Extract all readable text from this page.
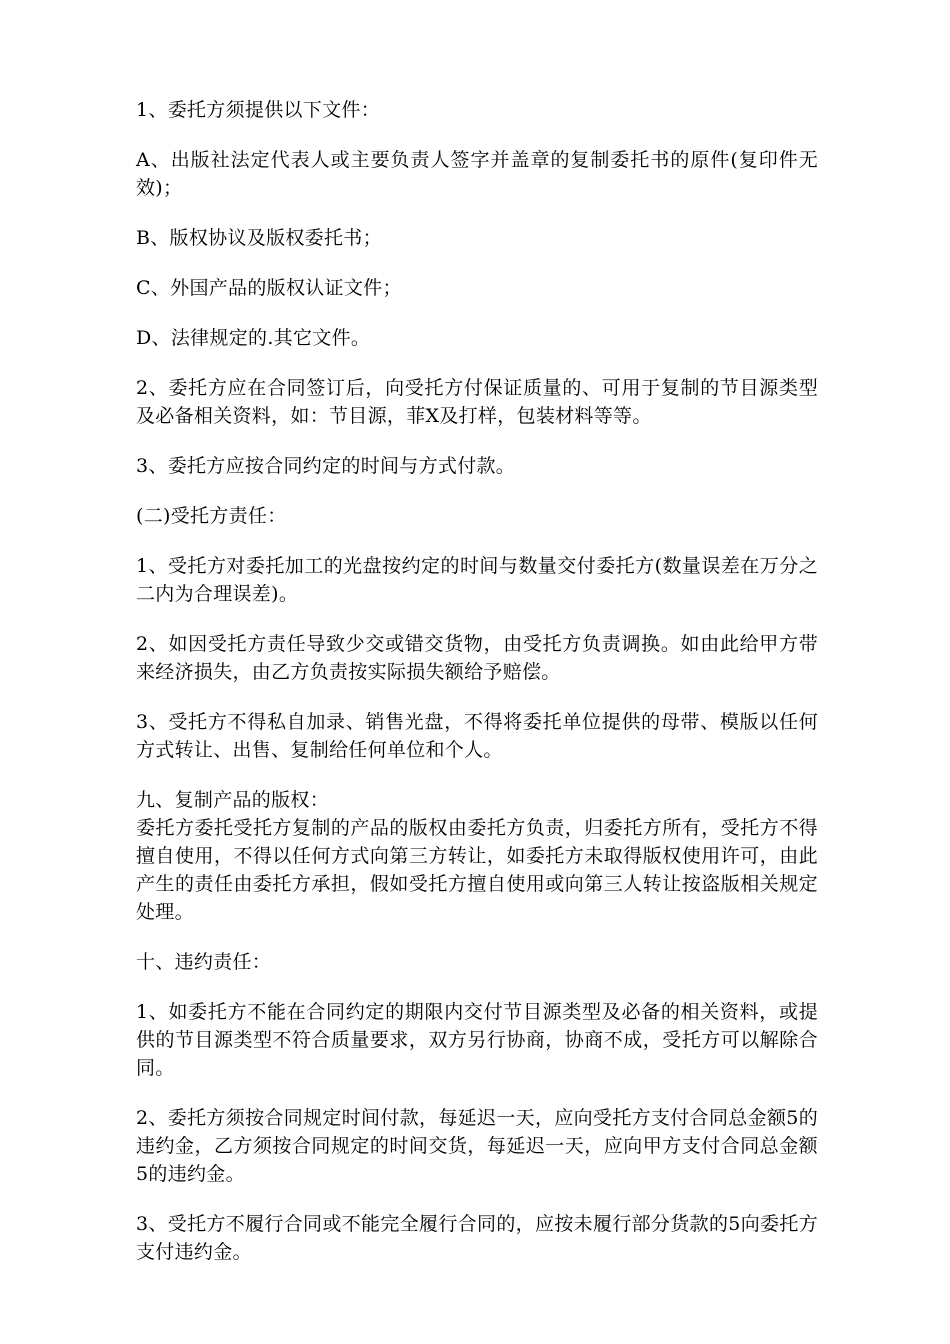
1、委托方须提供以下文件：

A、出版社法定代表人或主要负责人签字并盖章的复制委托书的原件(复印件无效)；

B、版权协议及版权委托书；

C、外国产品的版权认证文件；

D、法律规定的.其它文件。

2、委托方应在合同签订后，向受托方付保证质量的、可用于复制的节目源类型及必备相关资料，如：节目源，菲X及打样，包装材料等等。

3、委托方应按合同约定的时间与方式付款。

(二)受托方责任：

1、受托方对委托加工的光盘按约定的时间与数量交付委托方(数量误差在万分之二内为合理误差)。

2、如因受托方责任导致少交或错交货物，由受托方负责调换。如由此给甲方带来经济损失，由乙方负责按实际损失额给予赔偿。

3、受托方不得私自加录、销售光盘，不得将委托单位提供的母带、模版以任何方式转让、出售、复制给任何单位和个人。

九、复制产品的版权：

委托方委托受托方复制的产品的版权由委托方负责，归委托方所有，受托方不得擅自使用，不得以任何方式向第三方转让，如委托方未取得版权使用许可，由此产生的责任由委托方承担，假如受托方擅自使用或向第三人转让按盗版相关规定处理。

十、违约责任：

1、如委托方不能在合同约定的期限内交付节目源类型及必备的相关资料，或提供的节目源类型不符合质量要求，双方另行协商，协商不成，受托方可以解除合同。

2、委托方须按合同规定时间付款，每延迟一天，应向受托方支付合同总金额5的违约金，乙方须按合同规定的时间交货，每延迟一天，应向甲方支付合同总金额5的违约金。

3、受托方不履行合同或不能完全履行合同的，应按未履行部分货款的5向委托方支付违约金。
